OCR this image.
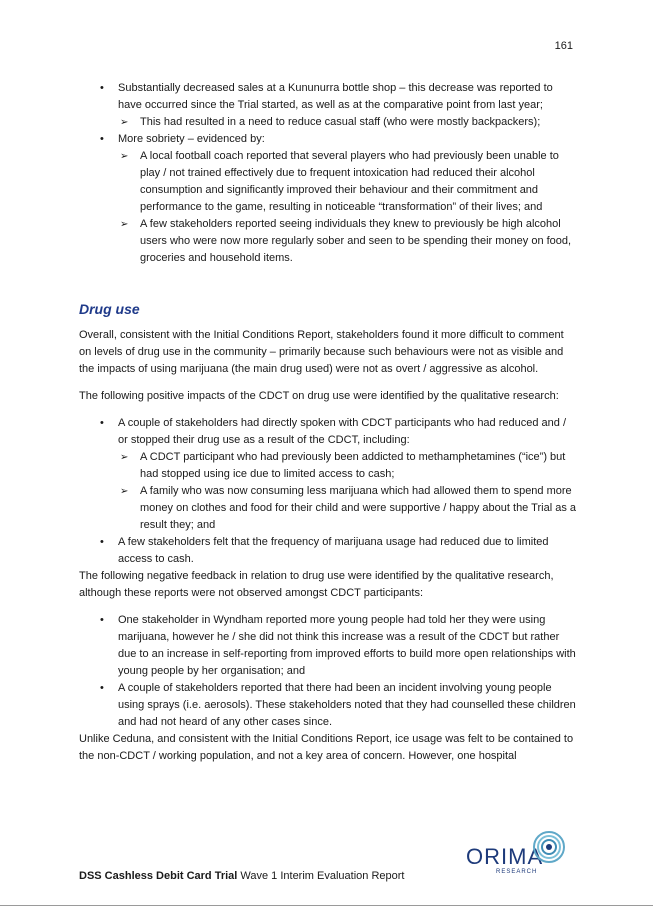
161
• Substantially decreased sales at a Kununurra bottle shop – this decrease was reported to have occurred since the Trial started, as well as at the comparative point from last year;
➢ This had resulted in a need to reduce casual staff (who were mostly backpackers);
• More sobriety – evidenced by:
➢ A local football coach reported that several players who had previously been unable to play / not trained effectively due to frequent intoxication had reduced their alcohol consumption and significantly improved their behaviour and their commitment and performance to the game, resulting in noticeable “transformation” of their lives; and
➢ A few stakeholders reported seeing individuals they knew to previously be high alcohol users who were now more regularly sober and seen to be spending their money on food, groceries and household items.
Drug use

Overall, consistent with the Initial Conditions Report, stakeholders found it more difficult to comment on levels of drug use in the community – primarily because such behaviours were not as visible and the impacts of using marijuana (the main drug used) were not as overt / aggressive as alcohol.

The following positive impacts of the CDCT on drug use were identified by the qualitative research:

• A couple of stakeholders had directly spoken with CDCT participants who had reduced and / or stopped their drug use as a result of the CDCT, including:
➢ A CDCT participant who had previously been addicted to methamphetamines (“ice”) but had stopped using ice due to limited access to cash;
➢ A family who was now consuming less marijuana which had allowed them to spend more money on clothes and food for their child and were supportive / happy about the Trial as a result they; and
• A few stakeholders felt that the frequency of marijuana usage had reduced due to limited access to cash.

The following negative feedback in relation to drug use were identified by the qualitative research, although these reports were not observed amongst CDCT participants:

• One stakeholder in Wyndham reported more young people had told her they were using marijuana, however he / she did not think this increase was a result of the CDCT but rather due to an increase in self-reporting from improved efforts to build more open relationships with young people by her organisation; and
• A couple of stakeholders reported that there had been an incident involving young people using sprays (i.e. aerosols). These stakeholders noted that they had counselled these children and had not heard of any other cases since.

Unlike Ceduna, and consistent with the Initial Conditions Report, ice usage was felt to be contained to the non-CDCT / working population, and not a key area of concern. However, one hospital

DSS Cashless Debit Card Trial Wave 1 Interim Evaluation Report
ORIMA
RESEARCH
